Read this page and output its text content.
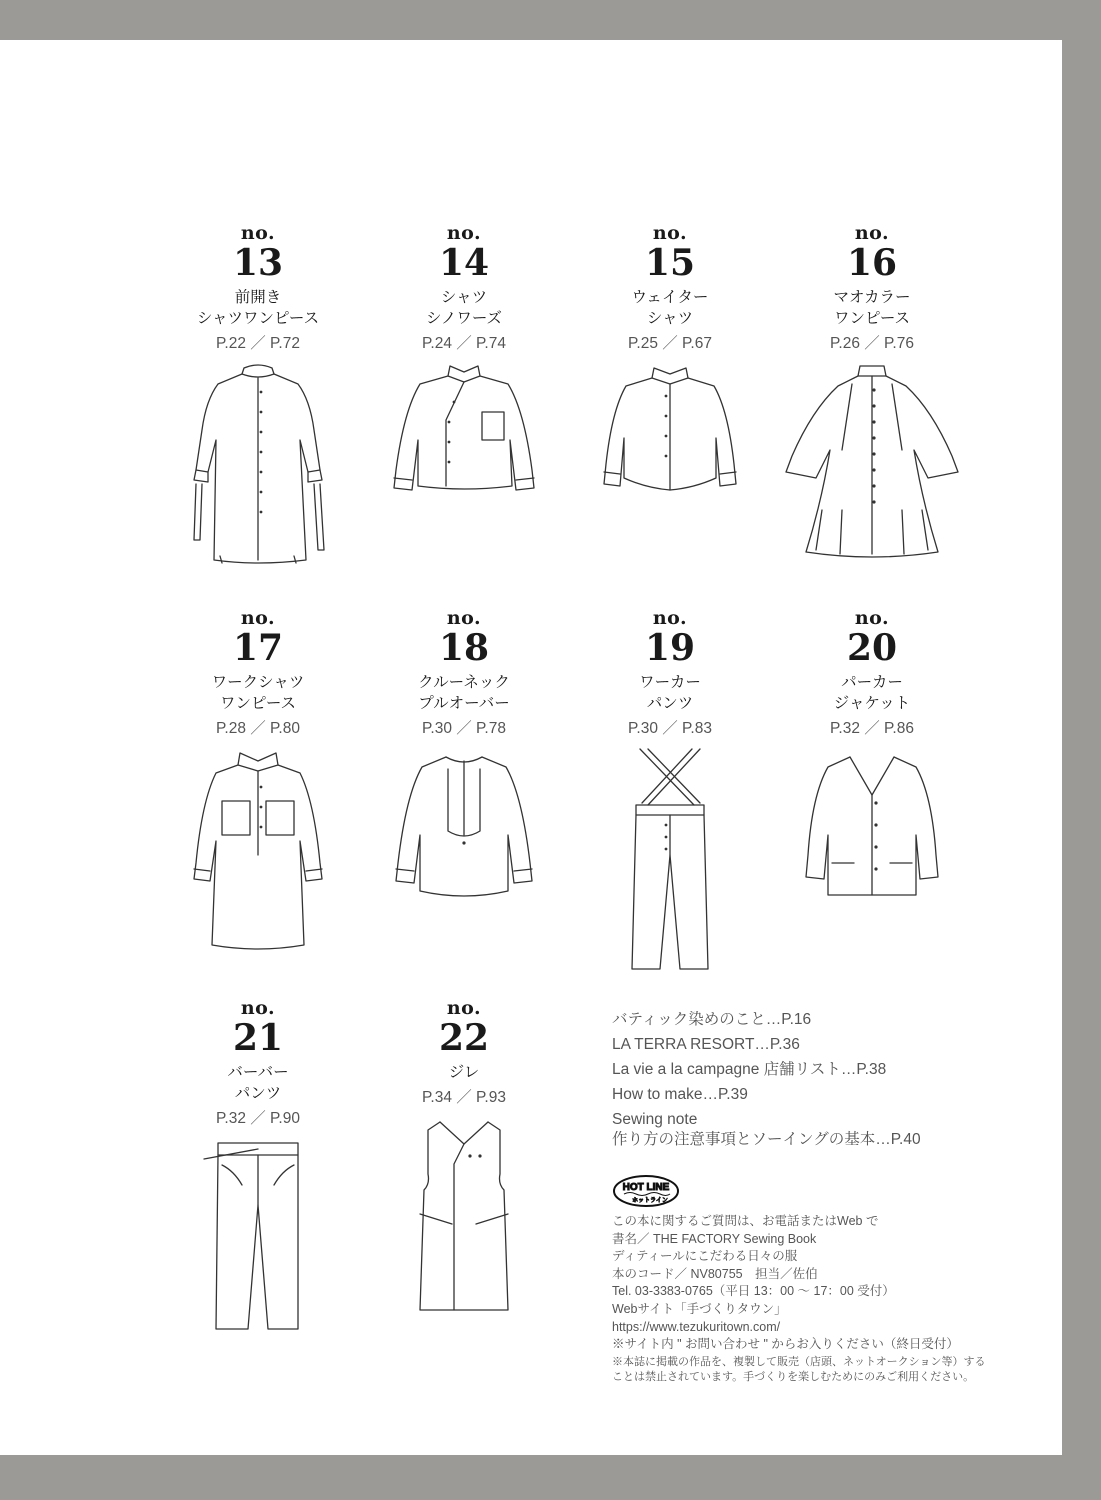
no.
13
前開き
シャツワンピース
P.22 ／ P.72
no.
14
シャツ
シノワーズ
P.24 ／ P.74
no.
15
ウェイター
シャツ
P.25 ／ P.67
no.
16
マオカラー
ワンピース
P.26 ／ P.76
no.
17
ワークシャツ
ワンピース
P.28 ／ P.80
no.
18
クルーネック
プルオーバー
P.30 ／ P.78
no.
19
ワーカー
パンツ
P.30 ／ P.83
no.
20
パーカー
ジャケット
P.32 ／ P.86
no.
21
バーバー
パンツ
P.32 ／ P.90
no.
22
ジレ
P.34 ／ P.93
バティック染めのこと…P.16
LA TERRA RESORT…P.36
La vie a la campagne 店舗リスト…P.38
How to make…P.39
Sewing note
作り方の注意事項とソーイングの基本…P.40
HOT LINE
ホットライン
この本に関するご質問は、お電話またはWeb で
書名／ THE FACTORY Sewing Book
ディティールにこだわる日々の服
本のコード／ NV80755　担当／佐伯
Tel. 03-3383-0765（平日 13：00 〜 17：00 受付）
Webサイト「手づくりタウン」
https://www.tezukuritown.com/
※サイト内 " お問い合わせ " からお入りください（終日受付）
※本誌に掲載の作品を、複製して販売（店頭、ネットオークション等）する
ことは禁止されています。手づくりを楽しむためにのみご利用ください。
